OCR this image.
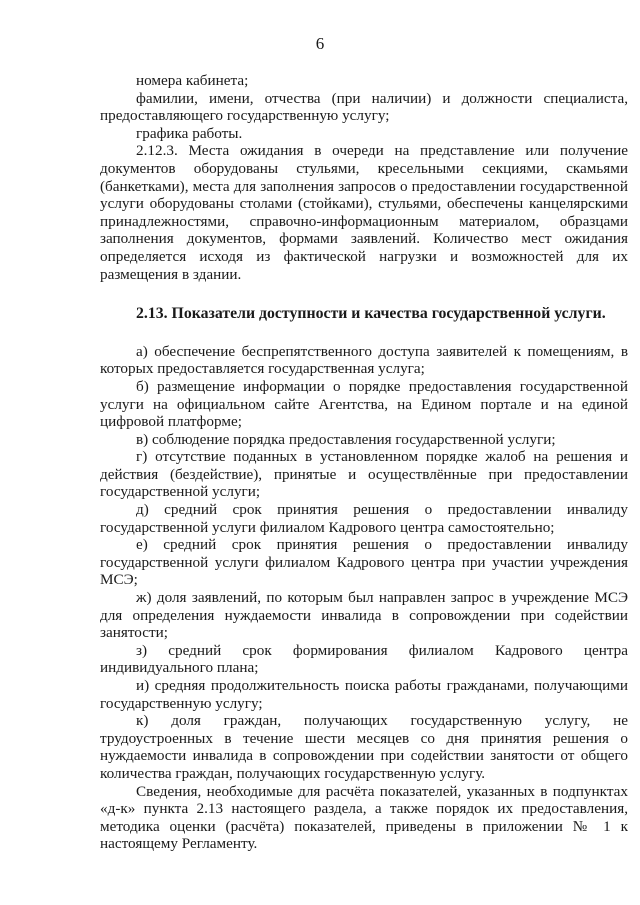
6

номера кабинета;

фамилии, имени, отчества (при наличии) и должности специалиста, предоставляющего государственную услугу;

графика работы.

2.12.3. Места ожидания в очереди на представление или получение документов оборудованы стульями, кресельными секциями, скамьями (банкетками), места для заполнения запросов о предоставлении государственной услуги оборудованы столами (стойками), стульями, обеспечены канцелярскими принадлежностями, справочно-информационным материалом, образцами заполнения документов, формами заявлений. Количество мест ожидания определяется исходя из фактической нагрузки и возможностей для их размещения в здании.

2.13. Показатели доступности и качества государственной услуги.

а) обеспечение беспрепятственного доступа заявителей к помещениям, в которых предоставляется государственная услуга;

б) размещение информации о порядке предоставления государственной услуги на официальном сайте Агентства, на Едином портале и на единой цифровой платформе;

в) соблюдение порядка предоставления государственной услуги;

г) отсутствие поданных в установленном порядке жалоб на решения и действия (бездействие), принятые и осуществлённые при предоставлении государственной услуги;

д) средний срок принятия решения о предоставлении инвалиду государственной услуги филиалом Кадрового центра самостоятельно;

е) средний срок принятия решения о предоставлении инвалиду государственной услуги филиалом Кадрового центра при участии учреждения МСЭ;

ж) доля заявлений, по которым был направлен запрос в учреждение МСЭ для определения нуждаемости инвалида в сопровождении при содействии занятости;

з) средний срок формирования филиалом Кадрового центра индивидуального плана;

и) средняя продолжительность поиска работы гражданами, получающими государственную услугу;

к) доля граждан, получающих государственную услугу, не трудоустроенных в течение шести месяцев со дня принятия решения о нуждаемости инвалида в сопровождении при содействии занятости от общего количества граждан, получающих государственную услугу.

Сведения, необходимые для расчёта показателей, указанных в подпунктах «д-к» пункта 2.13 настоящего раздела, а также порядок их предоставления, методика оценки (расчёта) показателей, приведены в приложении № 1 к настоящему Регламенту.
